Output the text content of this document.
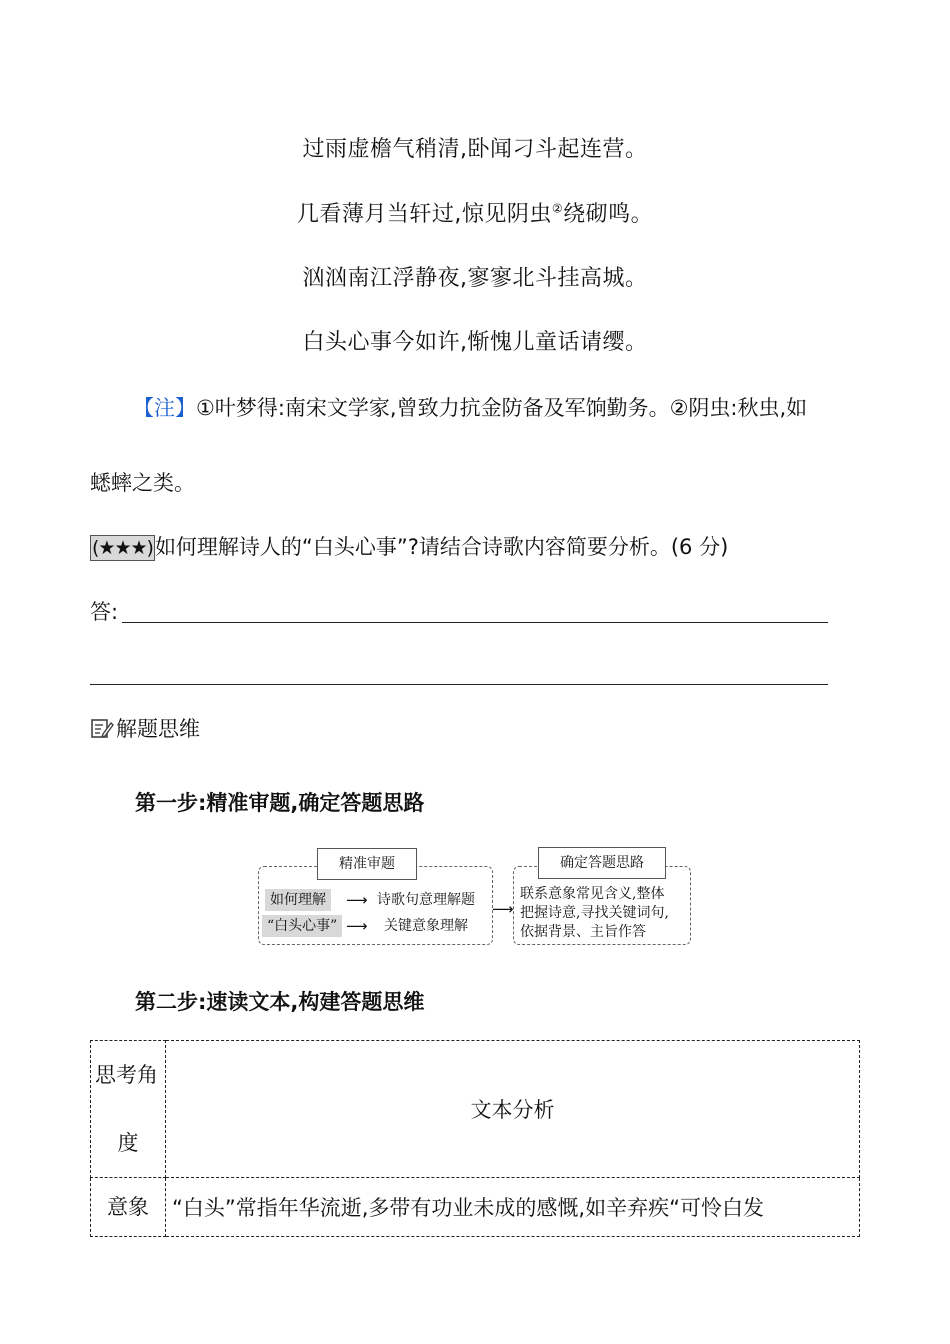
过雨虚檐气稍清,卧闻刁斗起连营。
几看薄月当轩过,惊见阴虫②绕砌鸣。
汹汹南江浮静夜,寥寥北斗挂高城。
白头心事今如许,惭愧儿童话请缨。
【注】①叶梦得:南宋文学家,曾致力抗金防备及军饷勤务。②阴虫:秋虫,如
蟋蟀之类。
(★★★)如何理解诗人的“白头心事”?请结合诗歌内容简要分析。(6 分)
答:
解题思维
第一步:精准审题,确定答题思路
精准审题
如何理解	⟶ 诗歌句意理解题
“白头心事” ⟶ 关键意象理解
⟶
确定答题思路
联系意象常见含义,整体
把握诗意,寻找关键词句,
依据背景、主旨作答
第二步:速读文本,构建答题思维
思考角
度	文本分析
意象	“白头”常指年华流逝,多带有功业未成的感慨,如辛弃疾“可怜白发
